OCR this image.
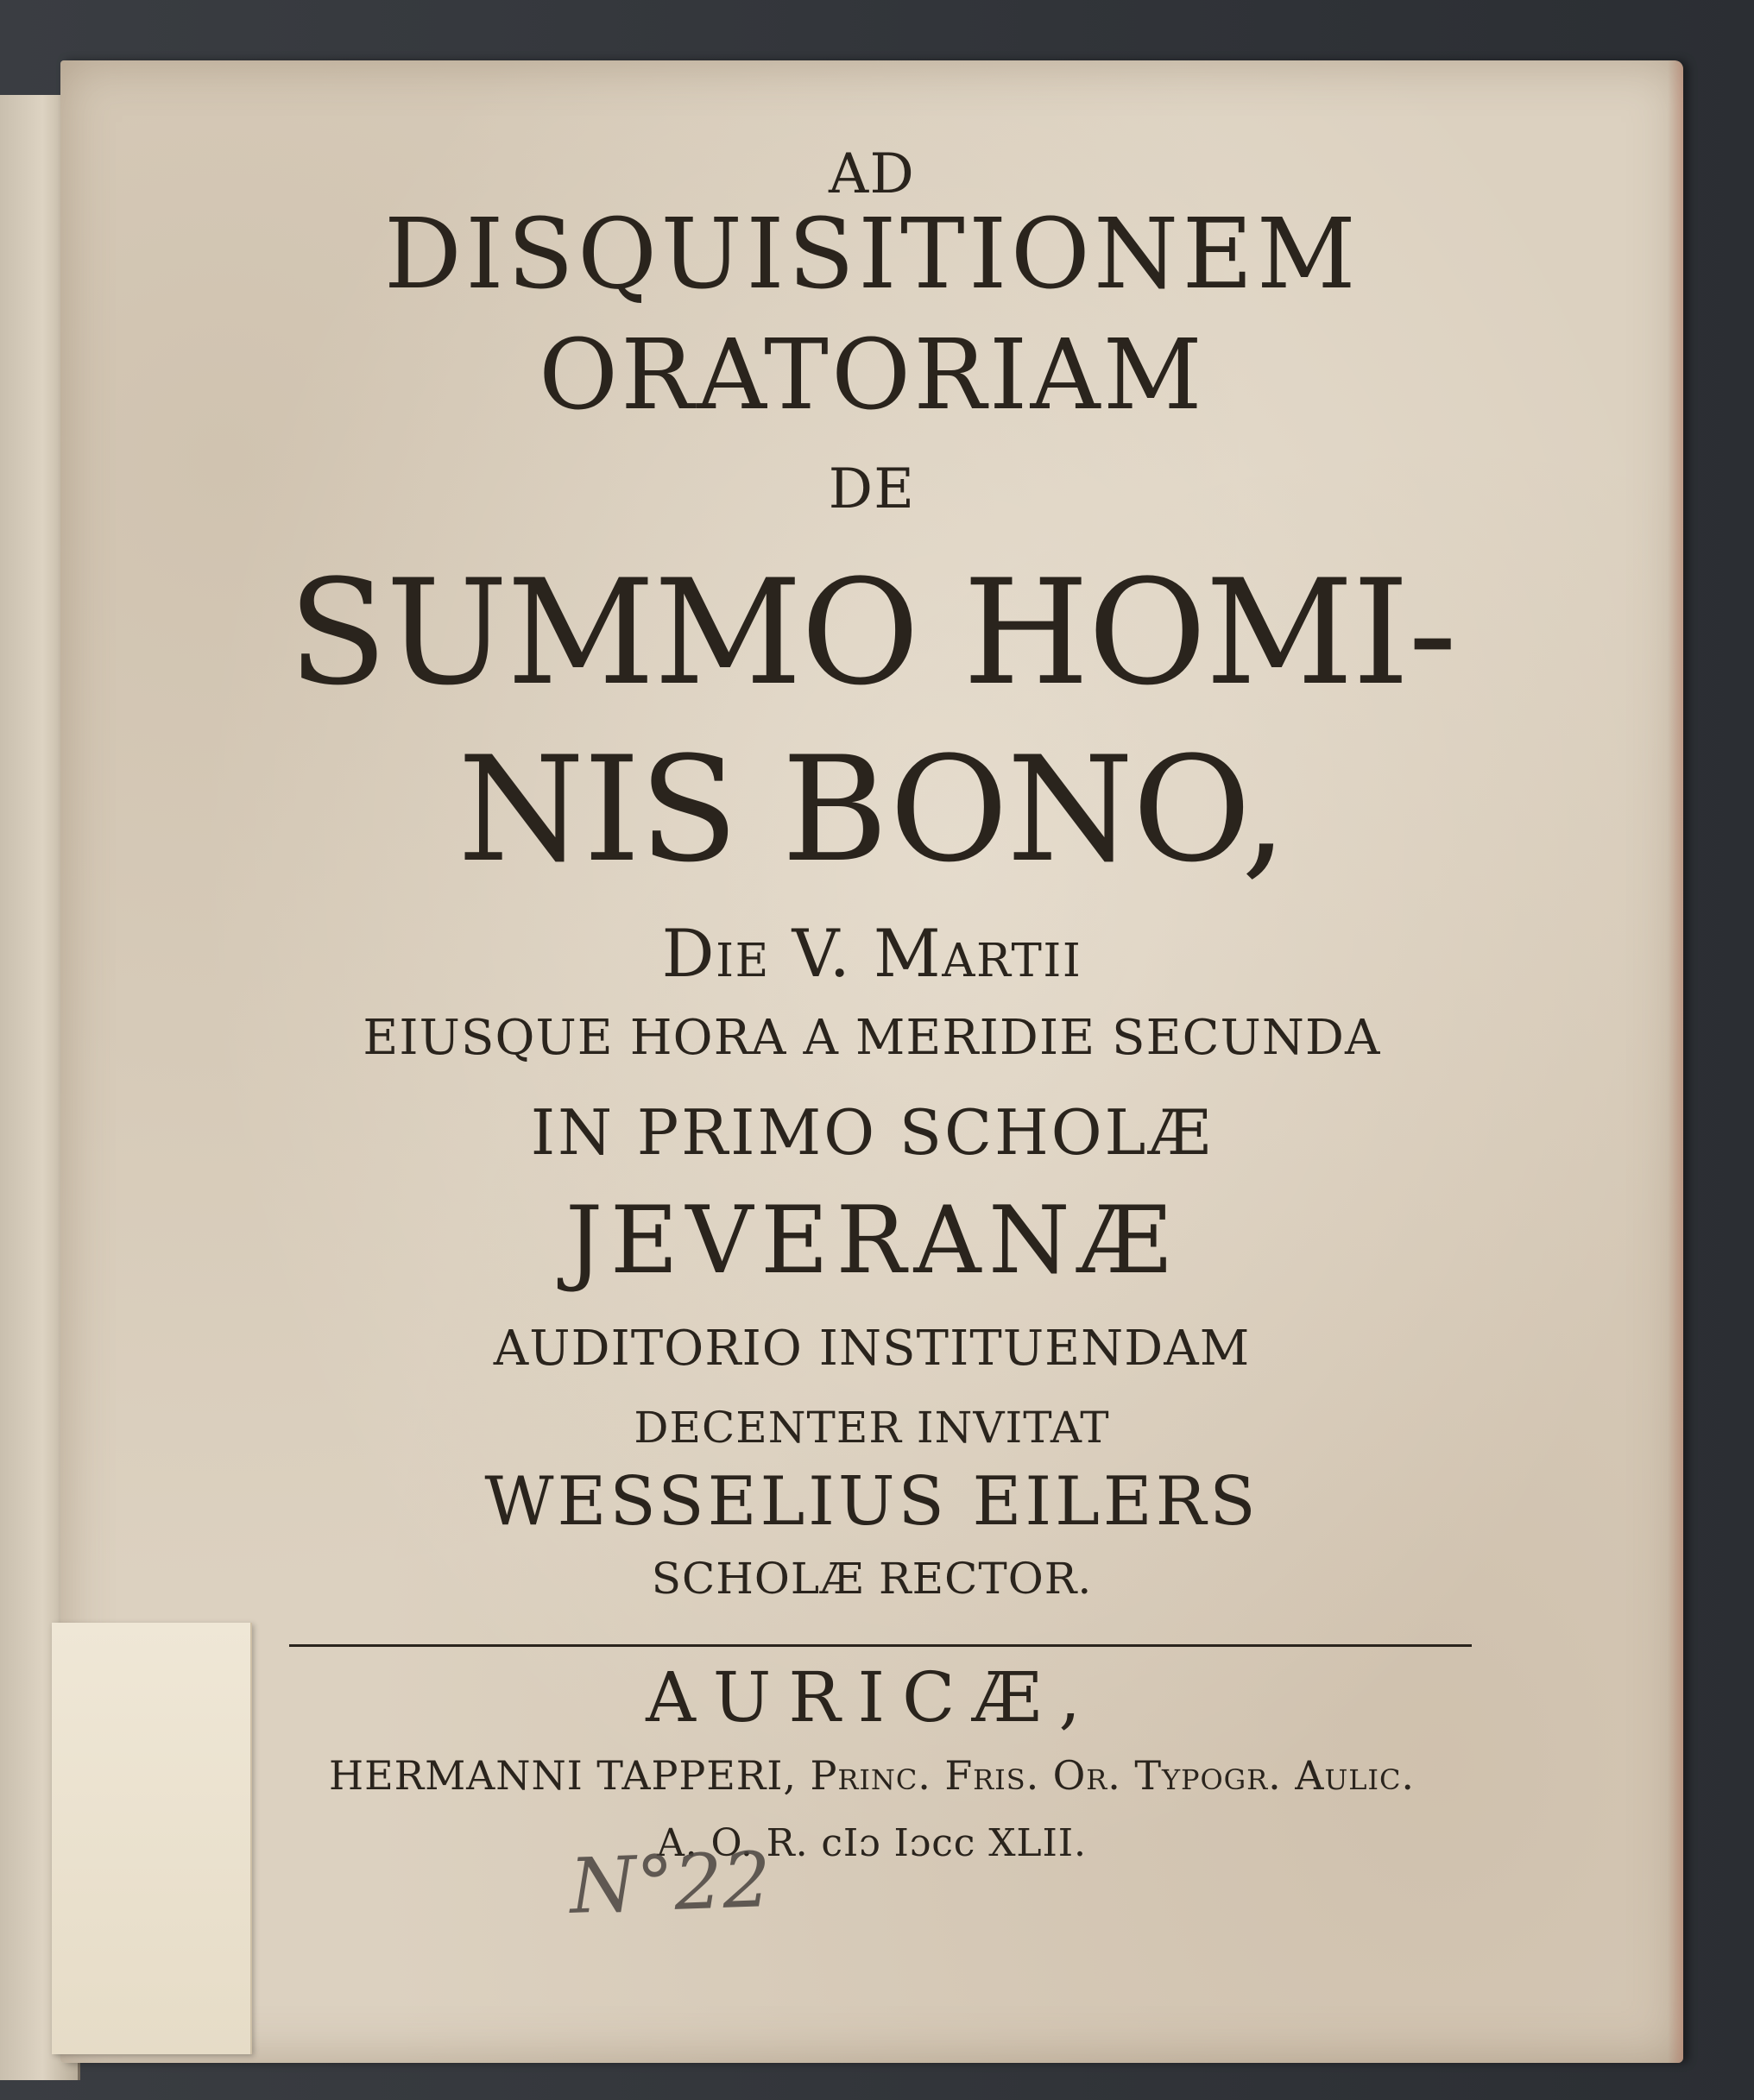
AD
DISQUISITIONEM
ORATORIAM
DE
SUMMO HOMI-
NIS BONO,
Die V. Martii
EIUSQUE HORA A MERIDIE SECUNDA
IN PRIMO SCHOLÆ
JEVERANÆ
AUDITORIO INSTITUENDAM
DECENTER INVITAT
WESSELIUS EILERS
SCHOLÆ RECTOR.
AURICÆ,
HERMANNI TAPPERI, Princ. Fris. Or. Typogr. Aulic.
A. O. R. cIɔ Iɔcc XLII.
N°22
